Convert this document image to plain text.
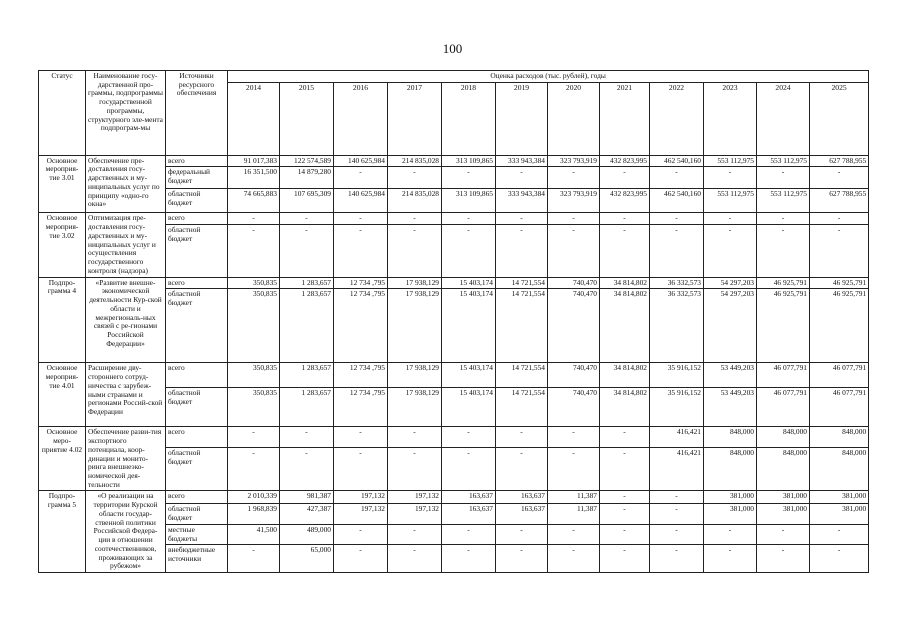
100
Статус	Наименование госу-дарственной про-граммы, подпрограммы государственной программы, структурного эле-мента подпрограм-мы	Источники ресурсного обеспечения	Оценка расходов (тыс. рублей), годы											
			2014	2015	2016	2017	2018	2019	2020	2021	2022	2023	2024	2025
Основное мероприя-тие 3.01	Обеспечение пре-доставления госу-дарственных и му-ниципальных услуг по принципу «одно-го окна»	всего	91 017,383	122 574,589	140 625,984	214 835,028	313 109,865	333 943,384	323 793,919	432 823,995	462 540,160	553 112,975	553 112,975	627 788,955
		федеральный бюджет	16 351,500	14 879,280	-	-	-	-	-	-	-	-	-	-
		областной бюджет	74 665,883	107 695,309	140 625,984	214 835,028	313 109,865	333 943,384	323 793,919	432 823,995	462 540,160	553 112,975	553 112,975	627 788,955
Основное мероприя-тие 3.02	Оптимизация пре-доставления госу-дарственных и му-ниципальных услуг и осуществления государственного контроля (надзора)	всего	-	-	-	-	-	-	-	-	-	-	-	-
		областной бюджет	-	-	-	-	-	-	-	-	-	-	-	-
Подпро-грамма 4	«Развитие внешне-экономической деятельности Кур-ской области и межрегиональ-ных связей с ре-гионами Российской Федерации»	всего	350,835	1 283,657	12 734 ,795	17 938,129	15 403,174	14 721,554	740,470	34 814,802	36 332,573	54 297,203	46 925,791	46 925,791
		областной бюджет	350,835	1 283,657	12 734 ,795	17 938,129	15 403,174	14 721,554	740,470	34 814,802	36 332,573	54 297,203	46 925,791	46 925,791
Основное мероприя-тие 4.01	Расширение дву-стороннего сотруд-ничества с зарубеж-ными странами и регионами Россий-ской Федерации	всего	350,835	1 283,657	12 734 ,795	17 938,129	15 403,174	14 721,554	740,470	34 814,802	35 916,152	53 449,203	46 077,791	46 077,791
		областной бюджет	350,835	1 283,657	12 734 ,795	17 938,129	15 403,174	14 721,554	740,470	34 814,802	35 916,152	53 449,203	46 077,791	46 077,791
Основное меро-приятие 4.02	Обеспечение разви-тия экспортного потенциала, коор-динации и монито-ринга внешнеэко-номической дея-тельности	всего	-	-	-	-	-	-	-	-	416,421	848,000	848,000	848,000
		областной бюджет	-	-	-	-	-	-	-	-	416,421	848,000	848,000	848,000
Подпро-грамма 5	«О реализации на территории Курской области государ-ственной политики Российской Федера-ции в отношении соотечественников, проживающих за рубежом»	всего	2 010,339	981,387	197,132	197,132	163,637	163,637	11,387	-	-	381,000	381,000	381,000
		областной бюджет	1 968,839	427,387	197,132	197,132	163,637	163,637	11,387	-	-	381,000	381,000	381,000
		местные бюджеты	41,500	489,000	-	-	-	-	-	-	-	-	-	-
		внебюджетные источники	-	65,000	-	-	-	-	-	-	-	-	-	-
